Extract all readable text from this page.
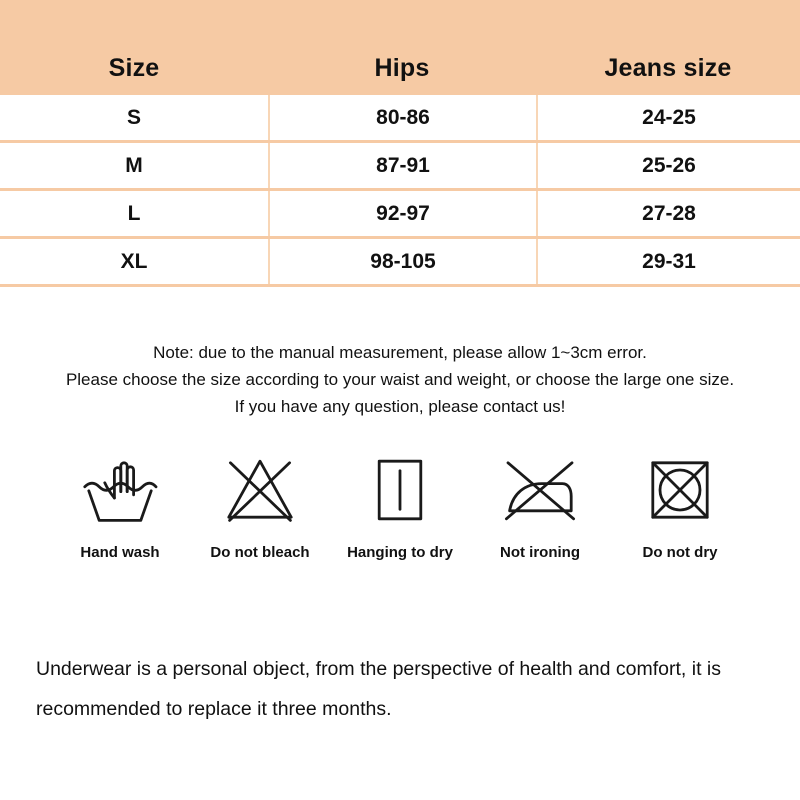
Size	Hips	Jeans size
S	80-86	24-25
M	87-91	25-26
L	92-97	27-28
XL	98-105	29-31
Note: due to the manual measurement, please allow 1~3cm error.
Please choose the size according to your waist and weight, or choose the large one size.
If you have any question, please contact us!
Hand wash	Do not bleach	Hanging to dry	Not ironing	Do not dry
Underwear is a personal object, from the perspective of health and comfort, it is recommended to replace it three months.
